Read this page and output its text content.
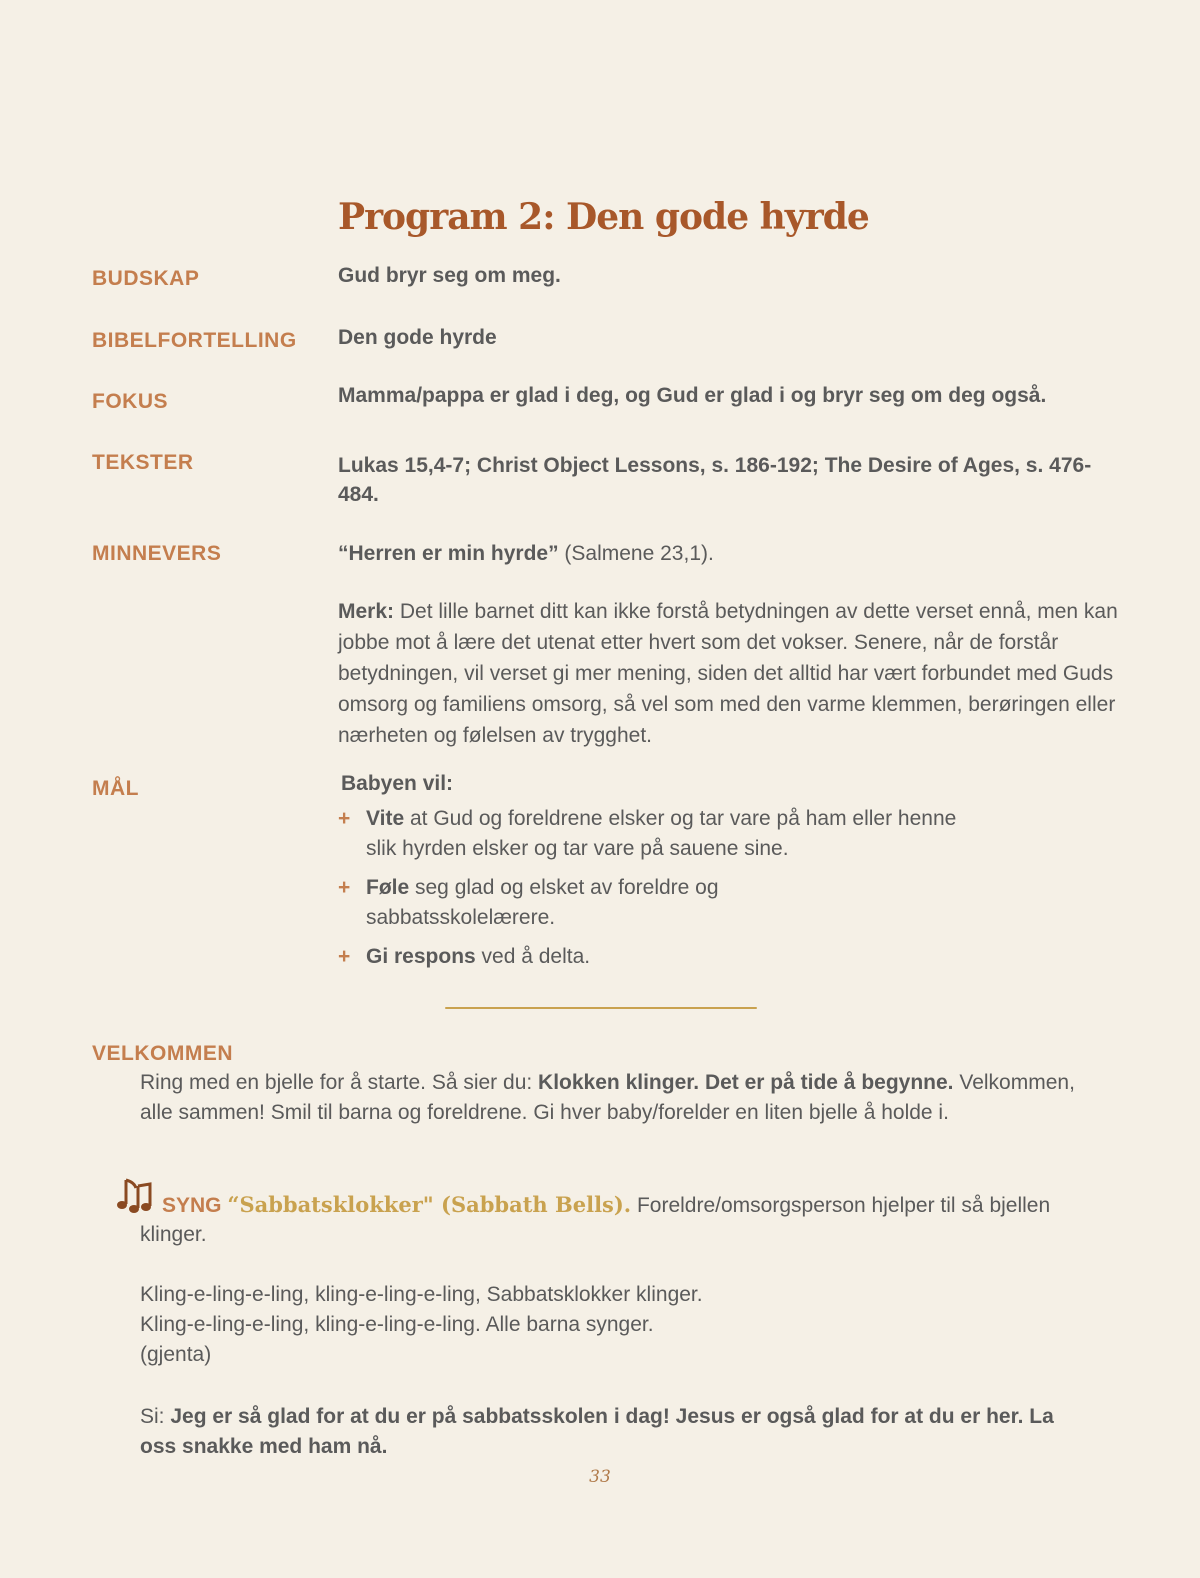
Program 2: Den gode hyrde
BUDSKAP	Gud bryr seg om meg.
BIBELFORTELLING Den gode hyrde
FOKUS	Mamma/pappa er glad i deg, og Gud er glad i og bryr seg om deg også.
TEKSTER	Lukas 15,4-7; Christ Object Lessons, s. 186-192; The Desire of Ages, s. 476-484.
MINNEVERS	“Herren er min hyrde” (Salmene 23,1).
Merk: Det lille barnet ditt kan ikke forstå betydningen av dette verset ennå, men kan jobbe mot å lære det utenat etter hvert som det vokser. Senere, når de forstår betydningen, vil verset gi mer mening, siden det alltid har vært forbundet med Guds omsorg og familiens omsorg, så vel som med den varme klemmen, berøringen eller nærheten og følelsen av trygghet.
MÅL	Babyen vil:
+ Vite at Gud og foreldrene elsker og tar vare på ham eller henne slik hyrden elsker og tar vare på sauene sine.
+ Føle seg glad og elsket av foreldre og sabbatsskolelærere.
+ Gi respons ved å delta.
VELKOMMEN
Ring med en bjelle for å starte. Så sier du: Klokken klinger. Det er på tide å begynne. Velkommen, alle sammen! Smil til barna og foreldrene. Gi hver baby/forelder en liten bjelle å holde i.
SYNG “Sabbatsklokker" (Sabbath Bells). Foreldre/omsorgsperson hjelper til så bjellen
klinger.
Kling-e-ling-e-ling, kling-e-ling-e-ling, Sabbatsklokker klinger.
Kling-e-ling-e-ling, kling-e-ling-e-ling. Alle barna synger.
(gjenta)
Si: Jeg er så glad for at du er på sabbatsskolen i dag! Jesus er også glad for at du er her. La oss snakke med ham nå.
33
